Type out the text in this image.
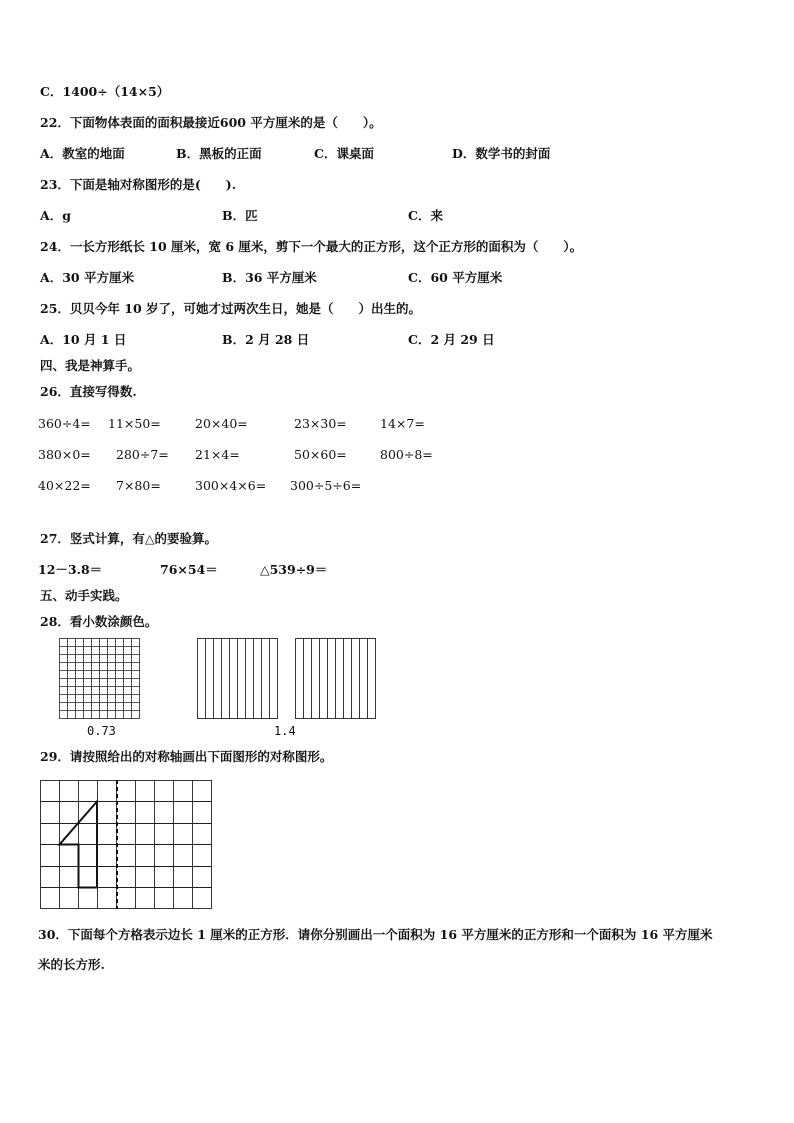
C．1400÷（14×5）
22．下面物体表面的面积最接近600 平方厘米的是（　　）。
A．教室的地面	B．黑板的正面	C．课桌面	D．数学书的封面
23．下面是轴对称图形的是(　　).
A．g	B．匹	C．来
24．一长方形纸长 10 厘米，宽 6 厘米，剪下一个最大的正方形，这个正方形的面积为（　　）。
A．30 平方厘米	B．36 平方厘米	C．60 平方厘米
25．贝贝今年 10 岁了，可她才过两次生日，她是（　　）出生的。
A．10 月 1 日	B．2 月 28 日	C．2 月 29 日
四、我是神算手。
26．直接写得数.
360÷4= 11×50=	20×40=	23×30=	14×7=
380×0= 280÷7= 21×4=	50×60=	800÷8=
40×22= 7×80=	300×4×6= 300÷5÷6=
27．竖式计算，有△的要验算。
12－3.8＝	76×54＝	△539÷9＝
五、动手实践。
28．看小数涂颜色。
0.73	1.4
29．请按照给出的对称轴画出下面图形的对称图形。
30．下面每个方格表示边长 1 厘米的正方形．请你分别画出一个面积为 16 平方厘米的正方形和一个面积为 16 平方厘米
米的长方形.
